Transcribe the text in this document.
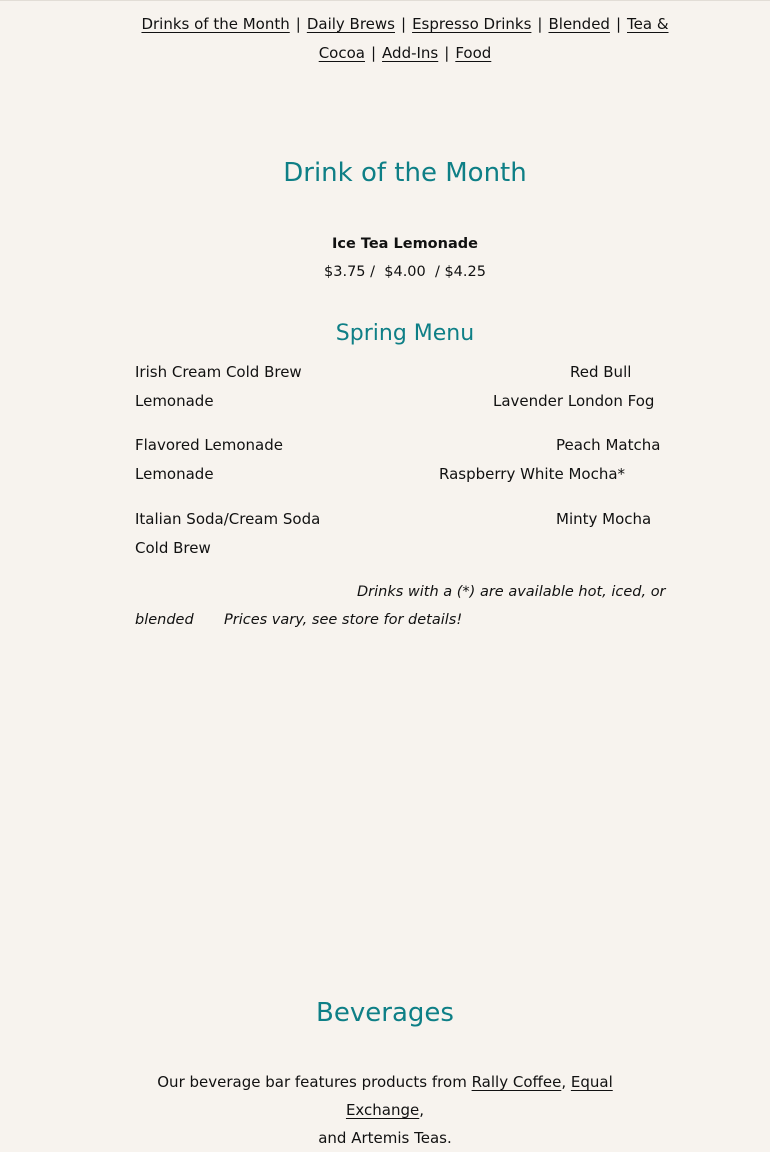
Drinks of the Month | Daily Brews | Espresso Drinks | Blended | Tea &
Cocoa | Add-Ins | Food
Drink of the Month
Ice Tea Lemonade
$3.75 /  $4.00  / $4.25
Spring Menu
Irish Cream Cold Brew	Red Bull
Lemonade	Lavender London Fog
Flavored Lemonade	Peach Matcha
Lemonade	Raspberry White Mocha*
Italian Soda/Cream Soda	Minty Mocha
Cold Brew
Drinks with a (*) are available hot, iced, or
blended Prices vary, see store for details!
Beverages
Our beverage bar features products from Rally Coffee, Equal Exchange,
and Artemis Teas.
